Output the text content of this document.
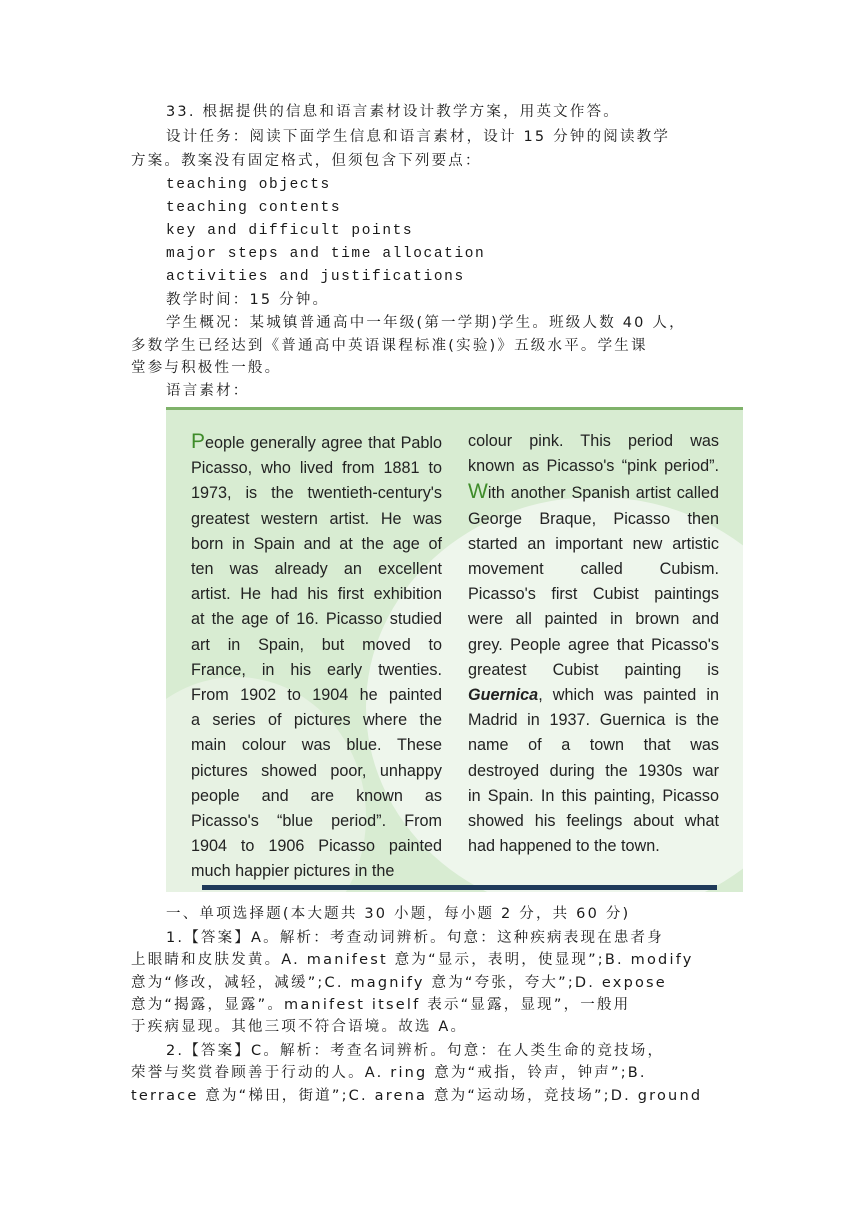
33. 根据提供的信息和语言素材设计教学方案，用英文作答。
设计任务：阅读下面学生信息和语言素材，设计 15 分钟的阅读教学
方案。教案没有固定格式，但须包含下列要点：
teaching objects
teaching contents
key and difficult points
major steps and time allocation
activities and justifications
教学时间：15 分钟。
学生概况：某城镇普通高中一年级(第一学期)学生。班级人数 40 人，
多数学生已经达到《普通高中英语课程标准(实验)》五级水平。学生课
堂参与积极性一般。
语言素材：
People generally agree that Pablo
Picasso, who lived from 1881 to
1973, is the twentieth-century's
greatest western artist. He was
born in Spain and at the age of
ten was already an excellent
artist. He had his first exhibition
at the age of 16. Picasso studied
art in Spain, but moved to
France, in his early twenties.
From 1902 to 1904 he painted
a series of pictures where the
main colour was blue. These
pictures showed poor, unhappy
people and are known as
Picasso's “blue period”. From
1904 to 1906 Picasso painted
much happier pictures in the
colour pink. This period was
known as Picasso's “pink period”.
With another Spanish artist called
George Braque, Picasso then
started an important new artistic
movement called Cubism.
Picasso's first Cubist paintings
were all painted in brown and
grey. People agree that Picasso's
greatest Cubist painting is
Guernica, which was painted in
Madrid in 1937. Guernica is the
name of a town that was
destroyed during the 1930s war
in Spain. In this painting, Picasso
showed his feelings about what
had happened to the town.
一、单项选择题(本大题共 30 小题，每小题 2 分，共 60 分)
1.【答案】A。解析：考查动词辨析。句意：这种疾病表现在患者身
上眼睛和皮肤发黄。A. manifest 意为“显示，表明，使显现”;B. modify
意为“修改，减轻，减缓”;C. magnify 意为“夸张，夸大”;D. expose
意为“揭露，显露”。manifest itself 表示“显露，显现”，一般用
于疾病显现。其他三项不符合语境。故选 A。
2.【答案】C。解析：考查名词辨析。句意：在人类生命的竞技场，
荣誉与奖赏眷顾善于行动的人。A. ring 意为“戒指，铃声，钟声”;B.
terrace 意为“梯田，街道”;C. arena 意为“运动场，竞技场”;D. ground
